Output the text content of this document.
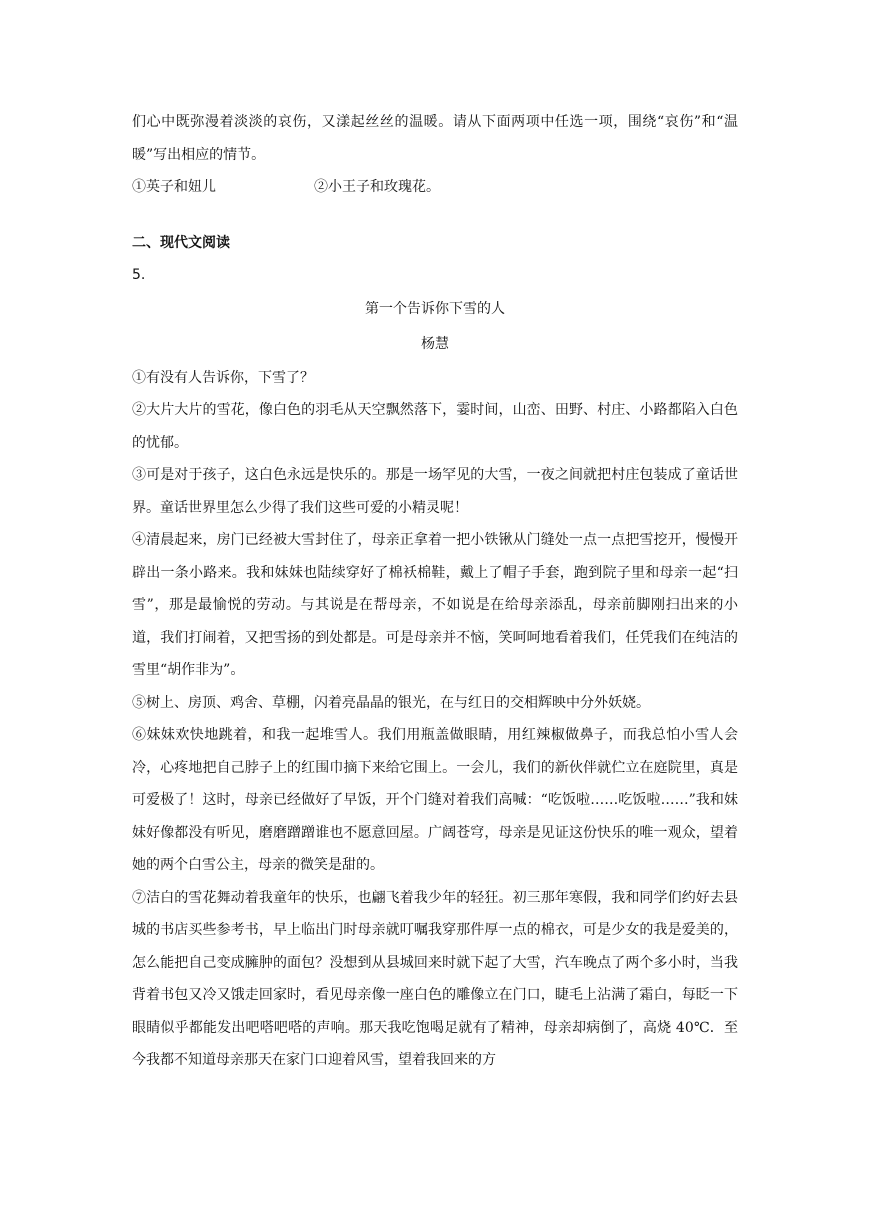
们心中既弥漫着淡淡的哀伤，又漾起丝丝的温暖。请从下面两项中任选一项，围绕“哀伤”和“温暖”写出相应的情节。

①英子和妞儿	②小王子和玫瑰花。

二、现代文阅读

5.

第一个告诉你下雪的人

杨慧

①有没有人告诉你，下雪了？

②大片大片的雪花，像白色的羽毛从天空飘然落下，霎时间，山峦、田野、村庄、小路都陷入白色的忧郁。

③可是对于孩子，这白色永远是快乐的。那是一场罕见的大雪，一夜之间就把村庄包装成了童话世界。童话世界里怎么少得了我们这些可爱的小精灵呢！

④清晨起来，房门已经被大雪封住了，母亲正拿着一把小铁锹从门缝处一点一点把雪挖开，慢慢开辟出一条小路来。我和妹妹也陆续穿好了棉袄棉鞋，戴上了帽子手套，跑到院子里和母亲一起“扫雪”，那是最愉悦的劳动。与其说是在帮母亲，不如说是在给母亲添乱，母亲前脚刚扫出来的小道，我们打闹着，又把雪扬的到处都是。可是母亲并不恼，笑呵呵地看着我们，任凭我们在纯洁的雪里“胡作非为”。

⑤树上、房顶、鸡舍、草棚，闪着亮晶晶的银光，在与红日的交相辉映中分外妖娆。

⑥妹妹欢快地跳着，和我一起堆雪人。我们用瓶盖做眼睛，用红辣椒做鼻子，而我总怕小雪人会冷，心疼地把自己脖子上的红围巾摘下来给它围上。一会儿，我们的新伙伴就伫立在庭院里，真是可爱极了！这时，母亲已经做好了早饭，开个门缝对着我们高喊：“吃饭啦……吃饭啦……”我和妹妹好像都没有听见，磨磨蹭蹭谁也不愿意回屋。广阔苍穹，母亲是见证这份快乐的唯一观众，望着她的两个白雪公主，母亲的微笑是甜的。

⑦洁白的雪花舞动着我童年的快乐，也翩飞着我少年的轻狂。初三那年寒假，我和同学们约好去县城的书店买些参考书，早上临出门时母亲就叮嘱我穿那件厚一点的棉衣，可是少女的我是爱美的，怎么能把自己变成臃肿的面包？没想到从县城回来时就下起了大雪，汽车晚点了两个多小时，当我背着书包又冷又饿走回家时，看见母亲像一座白色的雕像立在门口，睫毛上沾满了霜白，每眨一下眼睛似乎都能发出吧嗒吧嗒的声响。那天我吃饱喝足就有了精神，母亲却病倒了，高烧 40℃．至今我都不知道母亲那天在家门口迎着风雪，望着我回来的方
